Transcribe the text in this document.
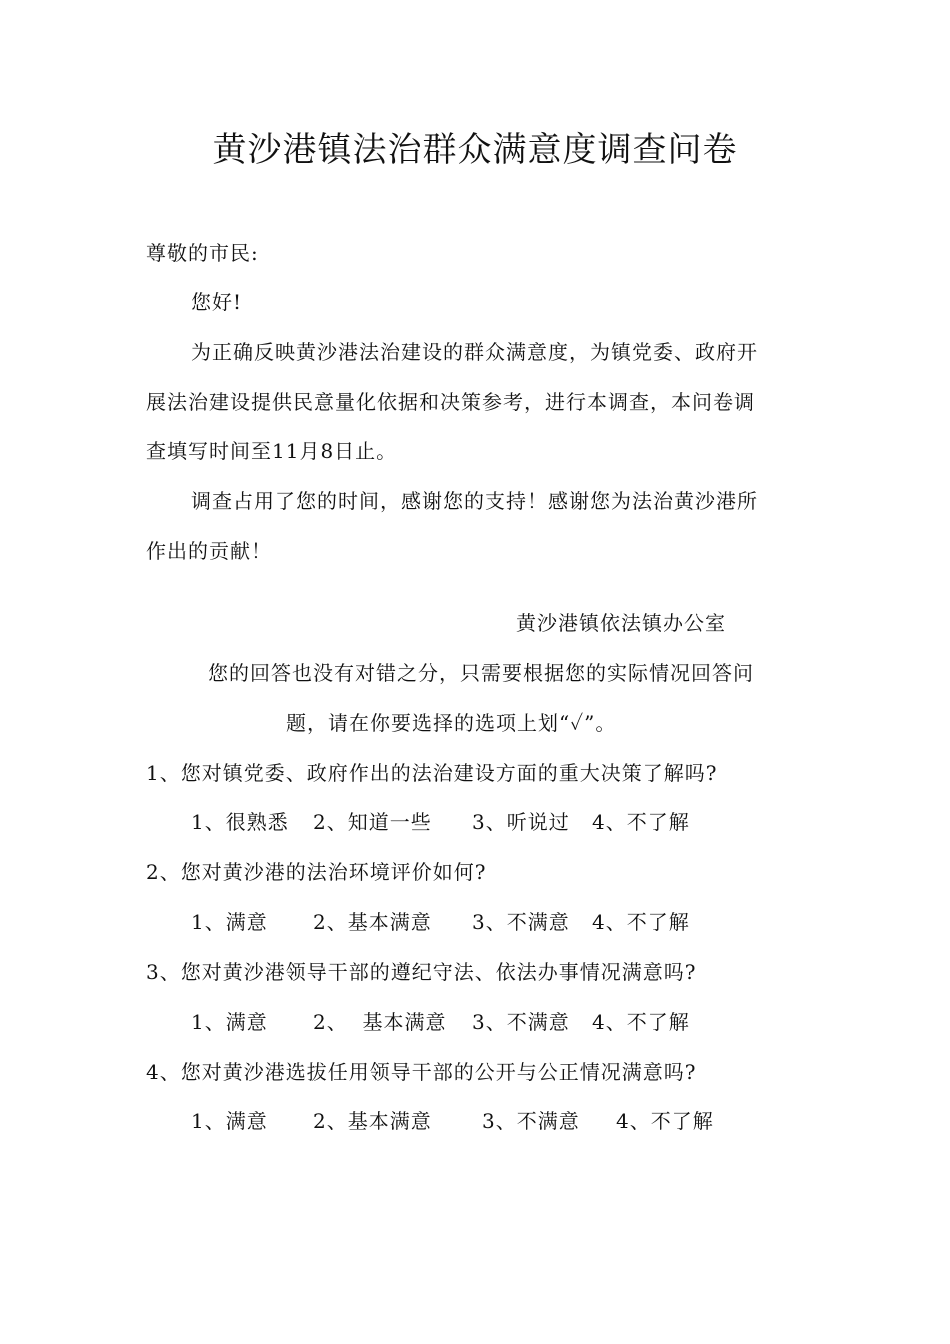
黄沙港镇法治群众满意度调查问卷
尊敬的市民:
您好!
为正确反映黄沙港法治建设的群众满意度，为镇党委、政府开
展法治建设提供民意量化依据和决策参考，进行本调查，本问卷调
查填写时间至11月8日止。
调查占用了您的时间，感谢您的支持！感谢您为法治黄沙港所
作出的贡献！
黄沙港镇依法镇办公室
您的回答也没有对错之分，只需要根据您的实际情况回答问
题，请在你要选择的选项上划“✓”。
1、您对镇党委、政府作出的法治建设方面的重大决策了解吗?
1、很熟悉 2、知道一些 3、听说过 4、不了解
2、您对黄沙港的法治环境评价如何?
1、满意 2、基本满意 3、不满意 4、不了解
3、您对黄沙港领导干部的遵纪守法、依法办事情况满意吗?
1、满意 2、  基本满意 3、不满意 4、不了解
4、您对黄沙港选拔任用领导干部的公开与公正情况满意吗?
1、满意 2、基本满意	3、不满意 4、不了解
